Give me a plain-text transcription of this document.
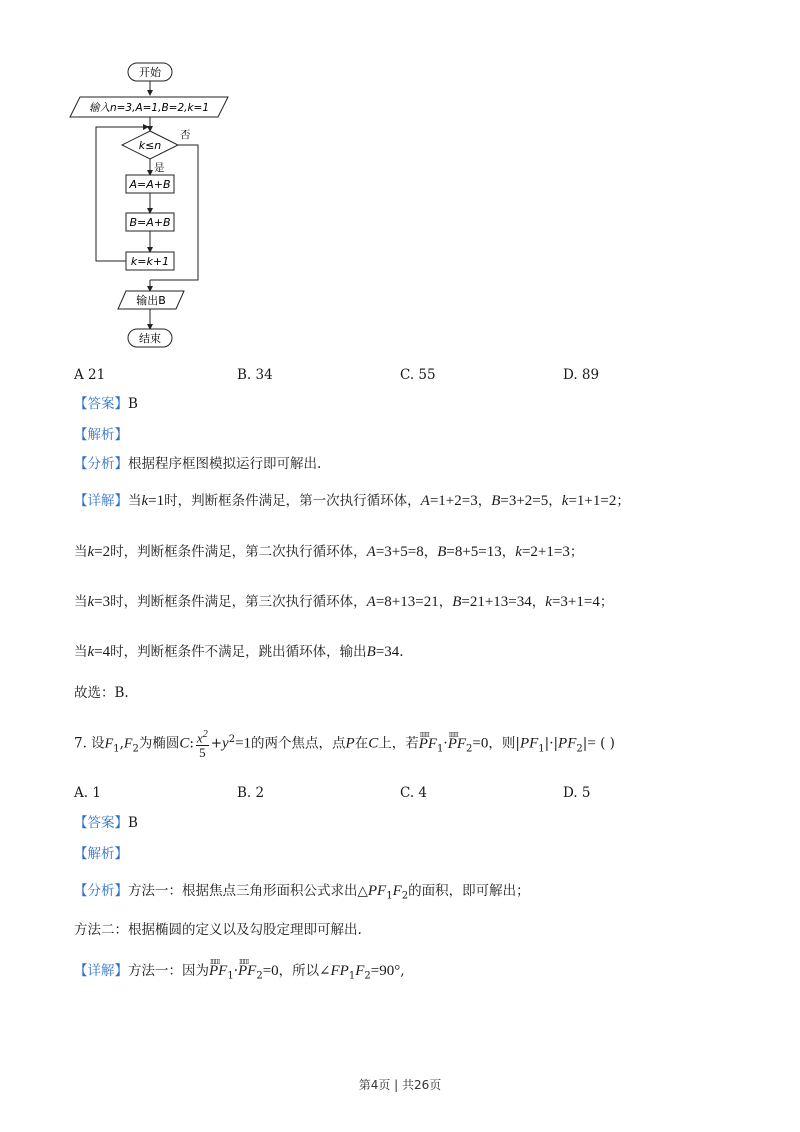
开始
输入n=3,A=1,B=2,k=1
k≤n
否
是
A=A+B
B=A+B
k=k+1
输出B
结束
A 21	B. 34	C. 55	D. 89
【答案】B
【解析】
【分析】根据程序框图模拟运行即可解出.
【详解】当k=1时，判断框条件满足，第一次执行循环体，A=1+2=3，B=3+2=5，k=1+1=2；
当k=2时，判断框条件满足，第二次执行循环体，A=3+5=8，B=8+5=13，k=2+1=3；
当k=3时，判断框条件满足，第三次执行循环体，A=8+13=21，B=21+13=34，k=3+1=4；
当k=4时，判断框条件不满足，跳出循环体，输出B=34.
故选：B.
7. 设$F_1,F_2$为椭圆C: $\frac{x^2}{5} +y^2=1$的两个焦点，点P在C上，若ⅠⅡⅢ $PF_1\cdot ⅠⅡⅢ$ $PF_2=0$，则$|PF_1|\cdot|PF_2|=$ ( )
A. 1	B. 2	C. 4	D. 5
【答案】B
【解析】
【分析】方法一：根据焦点三角形面积公式求出$\triangle PF_1F_2$的面积，即可解出；
方法二：根据椭圆的定义以及勾股定理即可解出.
【详解】方法一：因为ⅠⅡⅢ $PF_1\cdot ⅠⅡⅢ$ $PF_2=0$，所以$\angle FP_1F_2=90^\circ$,
第4页 | 共26页
